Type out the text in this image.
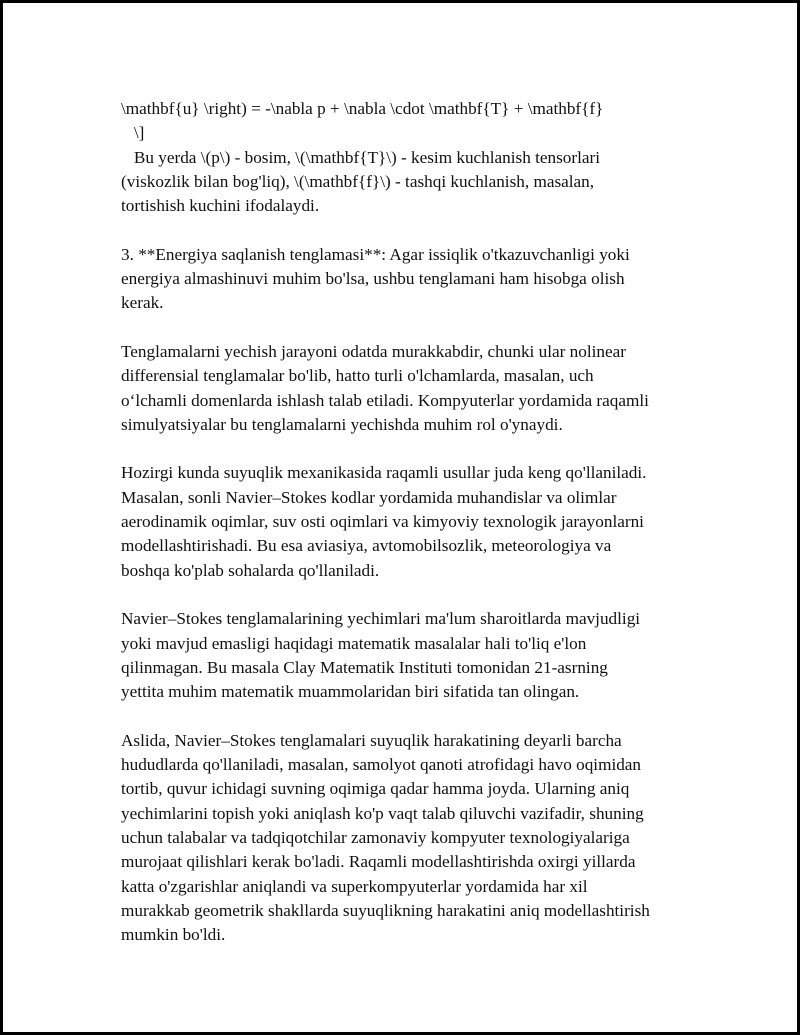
\mathbf{u} \right) = -\nabla p + \nabla \cdot \mathbf{T} + \mathbf{f}
\]
Bu yerda \(p\) - bosim, \(\mathbf{T}\) - kesim kuchlanish tensorlari
(viskozlik bilan bog'liq), \(\mathbf{f}\) - tashqi kuchlanish, masalan,
tortishish kuchini ifodalaydi.
3. **Energiya saqlanish tenglamasi**: Agar issiqlik o'tkazuvchanligi yoki
energiya almashinuvi muhim bo'lsa, ushbu tenglamani ham hisobga olish
kerak.
Tenglamalarni yechish jarayoni odatda murakkabdir, chunki ular nolinear
differensial tenglamalar bo'lib, hatto turli o'lchamlarda, masalan, uch
o‘lchamli domenlarda ishlash talab etiladi. Kompyuterlar yordamida raqamli
simulyatsiyalar bu tenglamalarni yechishda muhim rol o'ynaydi.
Hozirgi kunda suyuqlik mexanikasida raqamli usullar juda keng qo'llaniladi.
Masalan, sonli Navier–Stokes kodlar yordamida muhandislar va olimlar
aerodinamik oqimlar, suv osti oqimlari va kimyoviy texnologik jarayonlarni
modellashtirishadi. Bu esa aviasiya, avtomobilsozlik, meteorologiya va
boshqa ko'plab sohalarda qo'llaniladi.
Navier–Stokes tenglamalarining yechimlari ma'lum sharoitlarda mavjudligi
yoki mavjud emasligi haqidagi matematik masalalar hali to'liq e'lon
qilinmagan. Bu masala Clay Matematik Instituti tomonidan 21-asrning
yettita muhim matematik muammolaridan biri sifatida tan olingan.
Aslida, Navier–Stokes tenglamalari suyuqlik harakatining deyarli barcha
hududlarda qo'llaniladi, masalan, samolyot qanoti atrofidagi havo oqimidan
tortib, quvur ichidagi suvning oqimiga qadar hamma joyda. Ularning aniq
yechimlarini topish yoki aniqlash ko'p vaqt talab qiluvchi vazifadir, shuning
uchun talabalar va tadqiqotchilar zamonaviy kompyuter texnologiyalariga
murojaat qilishlari kerak bo'ladi. Raqamli modellashtirishda oxirgi yillarda
katta o'zgarishlar aniqlandi va superkompyuterlar yordamida har xil
murakkab geometrik shakllarda suyuqlikning harakatini aniq modellashtirish
mumkin bo'ldi.
